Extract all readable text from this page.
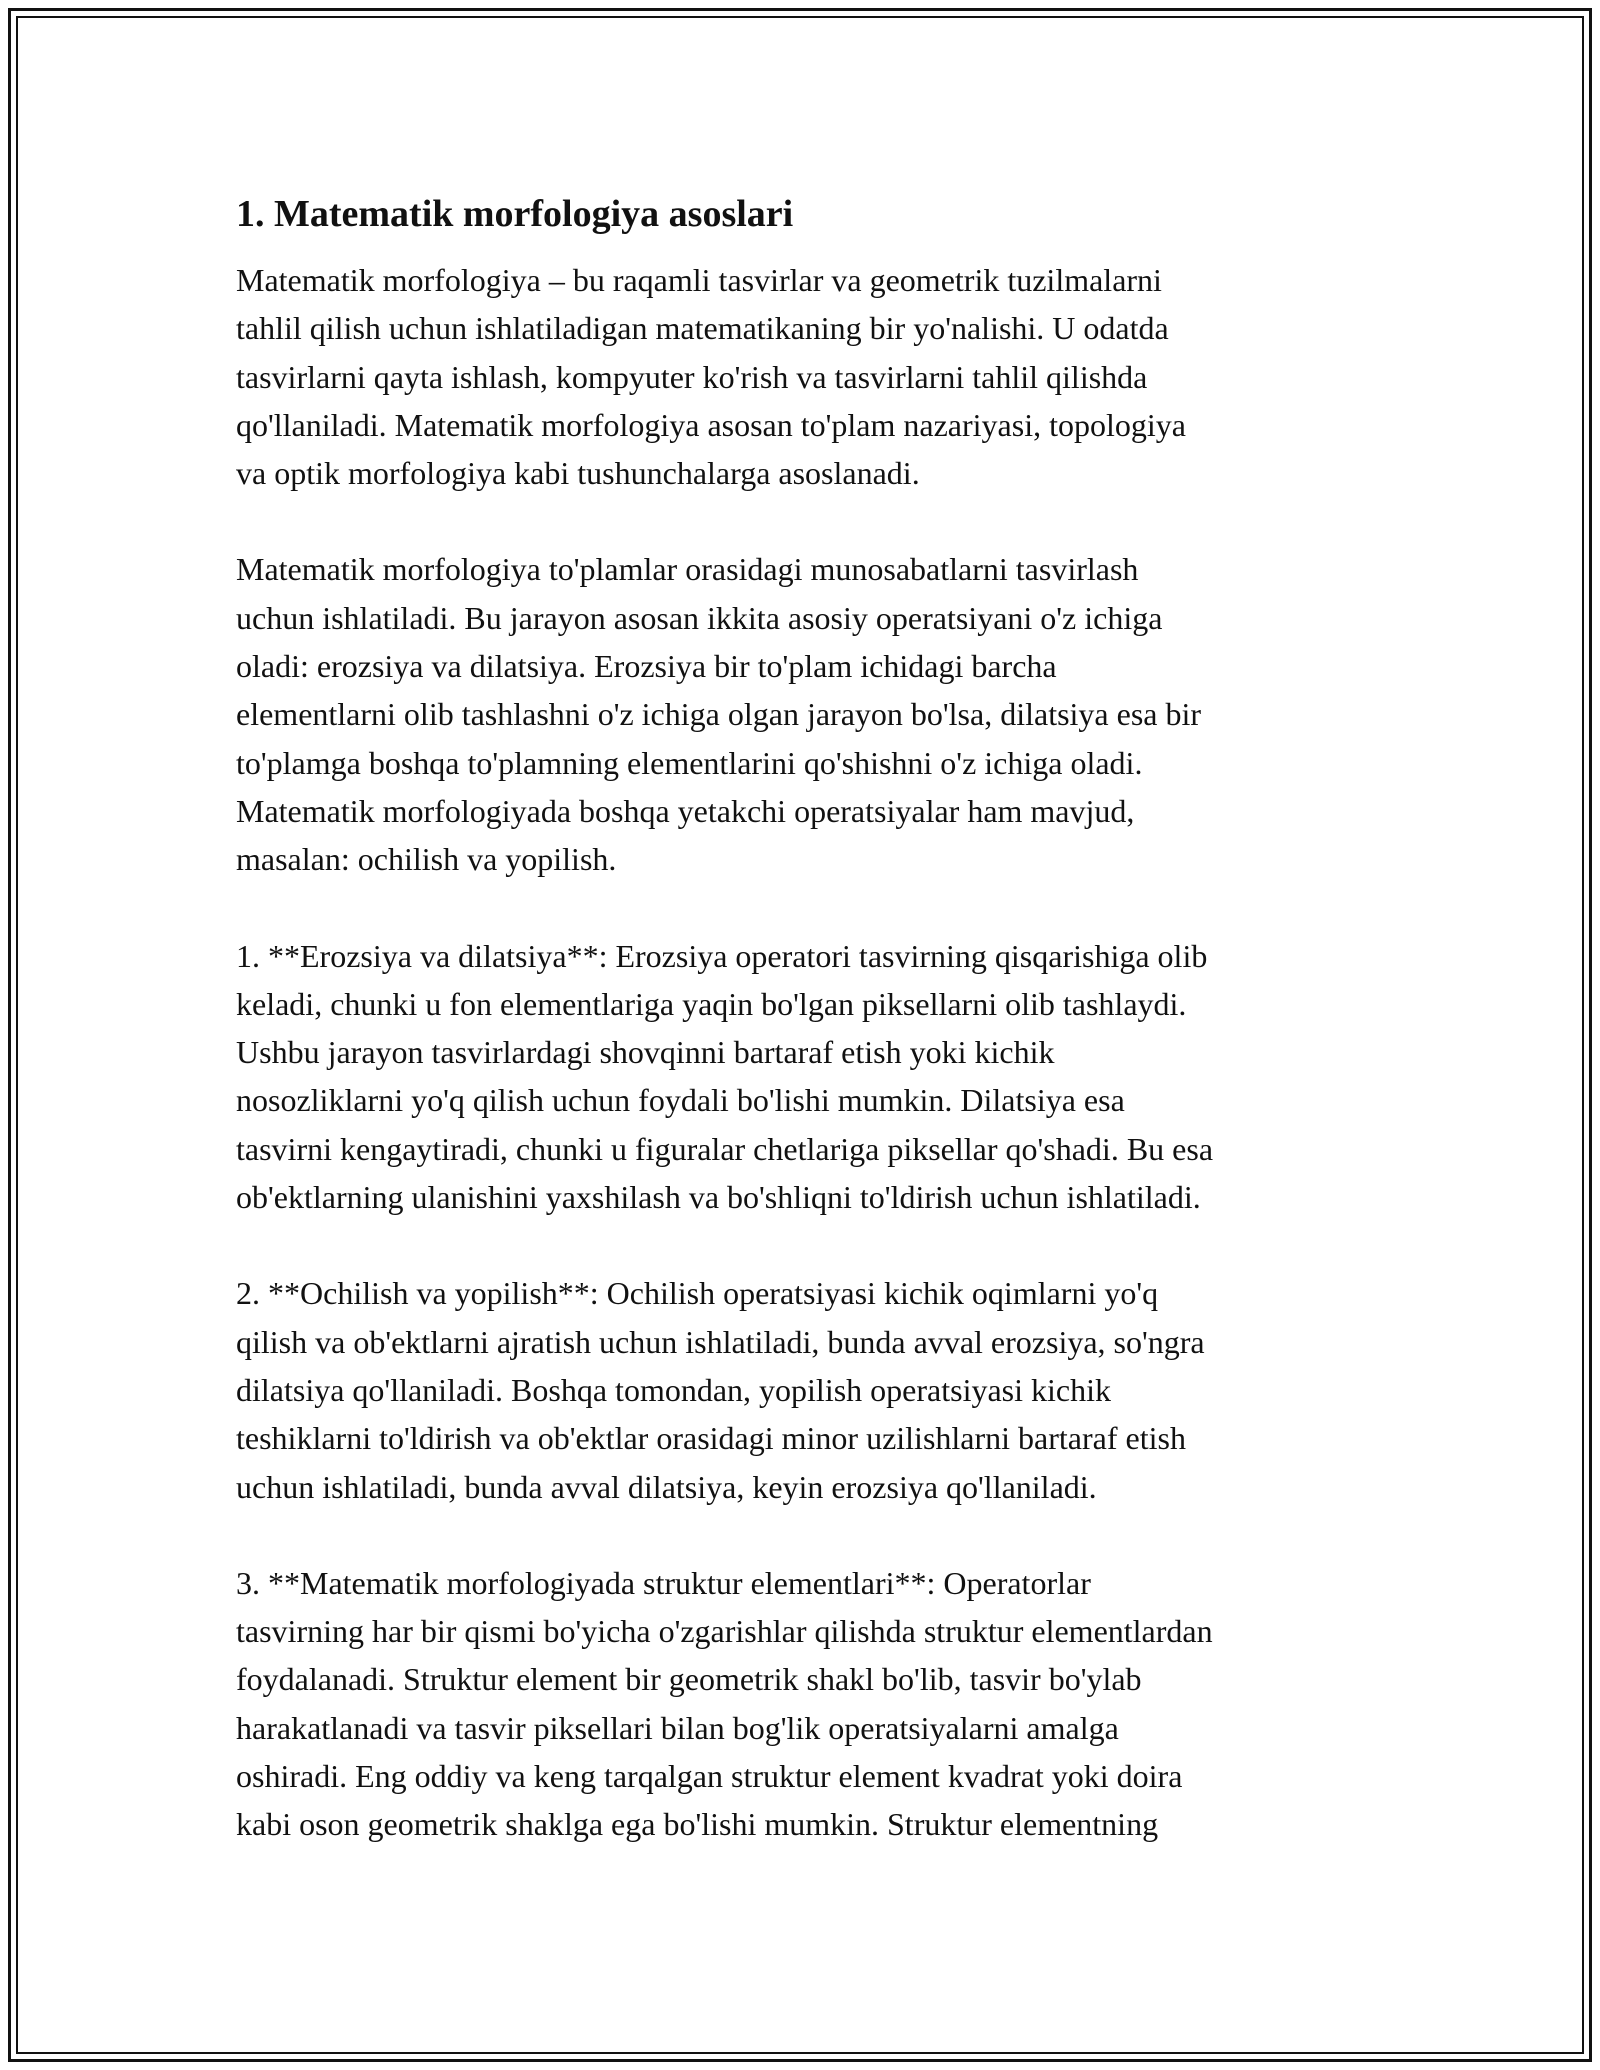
1. Matematik morfologiya asoslari
Matematik morfologiya – bu raqamli tasvirlar va geometrik tuzilmalarni
tahlil qilish uchun ishlatiladigan matematikaning bir yo'nalishi. U odatda
tasvirlarni qayta ishlash, kompyuter ko'rish va tasvirlarni tahlil qilishda
qo'llaniladi. Matematik morfologiya asosan to'plam nazariyasi, topologiya
va optik morfologiya kabi tushunchalarga asoslanadi.
Matematik morfologiya to'plamlar orasidagi munosabatlarni tasvirlash
uchun ishlatiladi. Bu jarayon asosan ikkita asosiy operatsiyani o'z ichiga
oladi: erozsiya va dilatsiya. Erozsiya bir to'plam ichidagi barcha
elementlarni olib tashlashni o'z ichiga olgan jarayon bo'lsa, dilatsiya esa bir
to'plamga boshqa to'plamning elementlarini qo'shishni o'z ichiga oladi.
Matematik morfologiyada boshqa yetakchi operatsiyalar ham mavjud,
masalan: ochilish va yopilish.
1. **Erozsiya va dilatsiya**: Erozsiya operatori tasvirning qisqarishiga olib
keladi, chunki u fon elementlariga yaqin bo'lgan piksellarni olib tashlaydi.
Ushbu jarayon tasvirlardagi shovqinni bartaraf etish yoki kichik
nosozliklarni yo'q qilish uchun foydali bo'lishi mumkin. Dilatsiya esa
tasvirni kengaytiradi, chunki u figuralar chetlariga piksellar qo'shadi. Bu esa
ob'ektlarning ulanishini yaxshilash va bo'shliqni to'ldirish uchun ishlatiladi.
2. **Ochilish va yopilish**: Ochilish operatsiyasi kichik oqimlarni yo'q
qilish va ob'ektlarni ajratish uchun ishlatiladi, bunda avval erozsiya, so'ngra
dilatsiya qo'llaniladi. Boshqa tomondan, yopilish operatsiyasi kichik
teshiklarni to'ldirish va ob'ektlar orasidagi minor uzilishlarni bartaraf etish
uchun ishlatiladi, bunda avval dilatsiya, keyin erozsiya qo'llaniladi.
3. **Matematik morfologiyada struktur elementlari**: Operatorlar
tasvirning har bir qismi bo'yicha o'zgarishlar qilishda struktur elementlardan
foydalanadi. Struktur element bir geometrik shakl bo'lib, tasvir bo'ylab
harakatlanadi va tasvir piksellari bilan bog'lik operatsiyalarni amalga
oshiradi. Eng oddiy va keng tarqalgan struktur element kvadrat yoki doira
kabi oson geometrik shaklga ega bo'lishi mumkin. Struktur elementning
